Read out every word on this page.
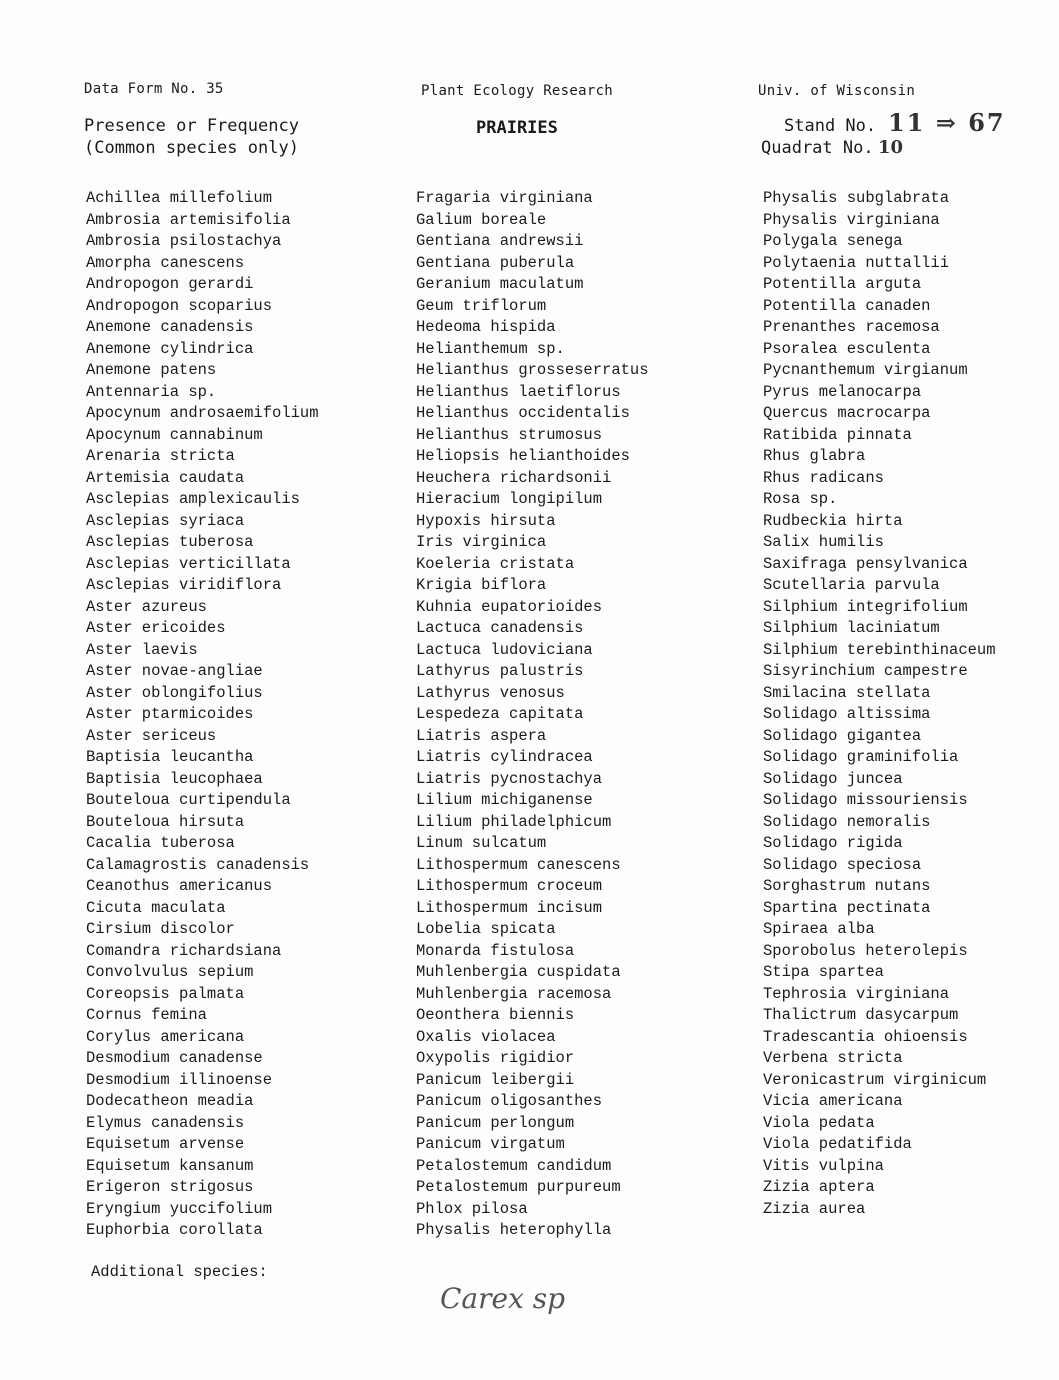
Data Form No. 35	Plant Ecology Research	Univ. of Wisconsin
Presence or Frequency
(Common species only)
PRAIRIES	Stand No. 11 ⇒ 67
Quadrat No. 10
Achillea millefolium
Ambrosia artemisifolia
Ambrosia psilostachya
Amorpha canescens
Andropogon gerardi
Andropogon scoparius
Anemone canadensis
Anemone cylindrica
Anemone patens
Antennaria sp.
Apocynum androsaemifolium
Apocynum cannabinum
Arenaria stricta
Artemisia caudata
Asclepias amplexicaulis
Asclepias syriaca
Asclepias tuberosa
Asclepias verticillata
Asclepias viridiflora
Aster azureus
Aster ericoides
Aster laevis
Aster novae-angliae
Aster oblongifolius
Aster ptarmicoides
Aster sericeus
Baptisia leucantha
Baptisia leucophaea
Bouteloua curtipendula
Bouteloua hirsuta
Cacalia tuberosa
Calamagrostis canadensis
Ceanothus americanus
Cicuta maculata
Cirsium discolor
Comandra richardsiana
Convolvulus sepium
Coreopsis palmata
Cornus femina
Corylus americana
Desmodium canadense
Desmodium illinoense
Dodecatheon meadia
Elymus canadensis
Equisetum arvense
Equisetum kansanum
Erigeron strigosus
Eryngium yuccifolium
Euphorbia corollata
Fragaria virginiana
Galium boreale
Gentiana andrewsii
Gentiana puberula
Geranium maculatum
Geum triflorum
Hedeoma hispida
Helianthemum sp.
Helianthus grosseserratus
Helianthus laetiflorus
Helianthus occidentalis
Helianthus strumosus
Heliopsis helianthoides
Heuchera richardsonii
Hieracium longipilum
Hypoxis hirsuta
Iris virginica
Koeleria cristata
Krigia biflora
Kuhnia eupatorioides
Lactuca canadensis
Lactuca ludoviciana
Lathyrus palustris
Lathyrus venosus
Lespedeza capitata
Liatris aspera
Liatris cylindracea
Liatris pycnostachya
Lilium michiganense
Lilium philadelphicum
Linum sulcatum
Lithospermum canescens
Lithospermum croceum
Lithospermum incisum
Lobelia spicata
Monarda fistulosa
Muhlenbergia cuspidata
Muhlenbergia racemosa
Oeonthera biennis
Oxalis violacea
Oxypolis rigidior
Panicum leibergii
Panicum oligosanthes
Panicum perlongum
Panicum virgatum
Petalostemum candidum
Petalostemum purpureum
Phlox pilosa
Physalis heterophylla
Physalis subglabrata
Physalis virginiana
Polygala senega
Polytaenia nuttallii
Potentilla arguta
Potentilla canaden
Prenanthes racemosa
Psoralea esculenta
Pycnanthemum virgianum
Pyrus melanocarpa
Quercus macrocarpa
Ratibida pinnata
Rhus glabra
Rhus radicans
Rosa sp.
Rudbeckia hirta
Salix humilis
Saxifraga pensylvanica
Scutellaria parvula
Silphium integrifolium
Silphium laciniatum
Silphium terebinthinaceum
Sisyrinchium campestre
Smilacina stellata
Solidago altissima
Solidago gigantea
Solidago graminifolia
Solidago juncea
Solidago missouriensis
Solidago nemoralis
Solidago rigida
Solidago speciosa
Sorghastrum nutans
Spartina pectinata
Spiraea alba
Sporobolus heterolepis
Stipa spartea
Tephrosia virginiana
Thalictrum dasycarpum
Tradescantia ohioensis
Verbena stricta
Veronicastrum virginicum
Vicia americana
Viola pedata
Viola pedatifida
Vitis vulpina
Zizia aptera
Zizia aurea
Additional species:
Carex sp
